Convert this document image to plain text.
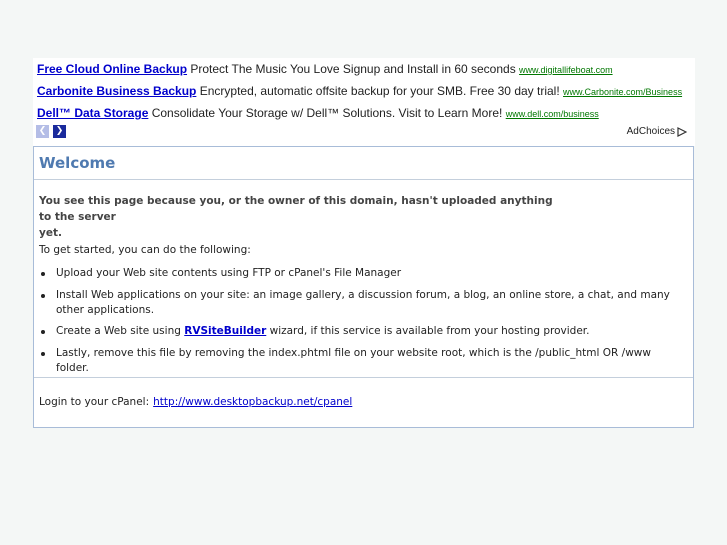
Free Cloud Online Backup Protect The Music You Love Signup and Install in 60 seconds www.digitallifeboat.com
Carbonite Business Backup Encrypted, automatic offsite backup for your SMB. Free 30 day trial! www.Carbonite.com/Business
Dell™ Data Storage Consolidate Your Storage w/ Dell™ Solutions. Visit to Learn More! www.dell.com/business
❮ ❯	AdChoices
Welcome
You see this page because you, or the owner of this domain, hasn't uploaded anything to the server
yet.
To get started, you can do the following:
Upload your Web site contents using FTP or cPanel's File Manager
Install Web applications on your site: an image gallery, a discussion forum, a blog, an online store, a chat, and many other applications.
Create a Web site using RVSiteBuilder wizard, if this service is available from your hosting provider.
Lastly, remove this file by removing the index.phtml file on your website root, which is the /public_html OR /www folder.
Login to your cPanel: http://www.desktopbackup.net/cpanel
